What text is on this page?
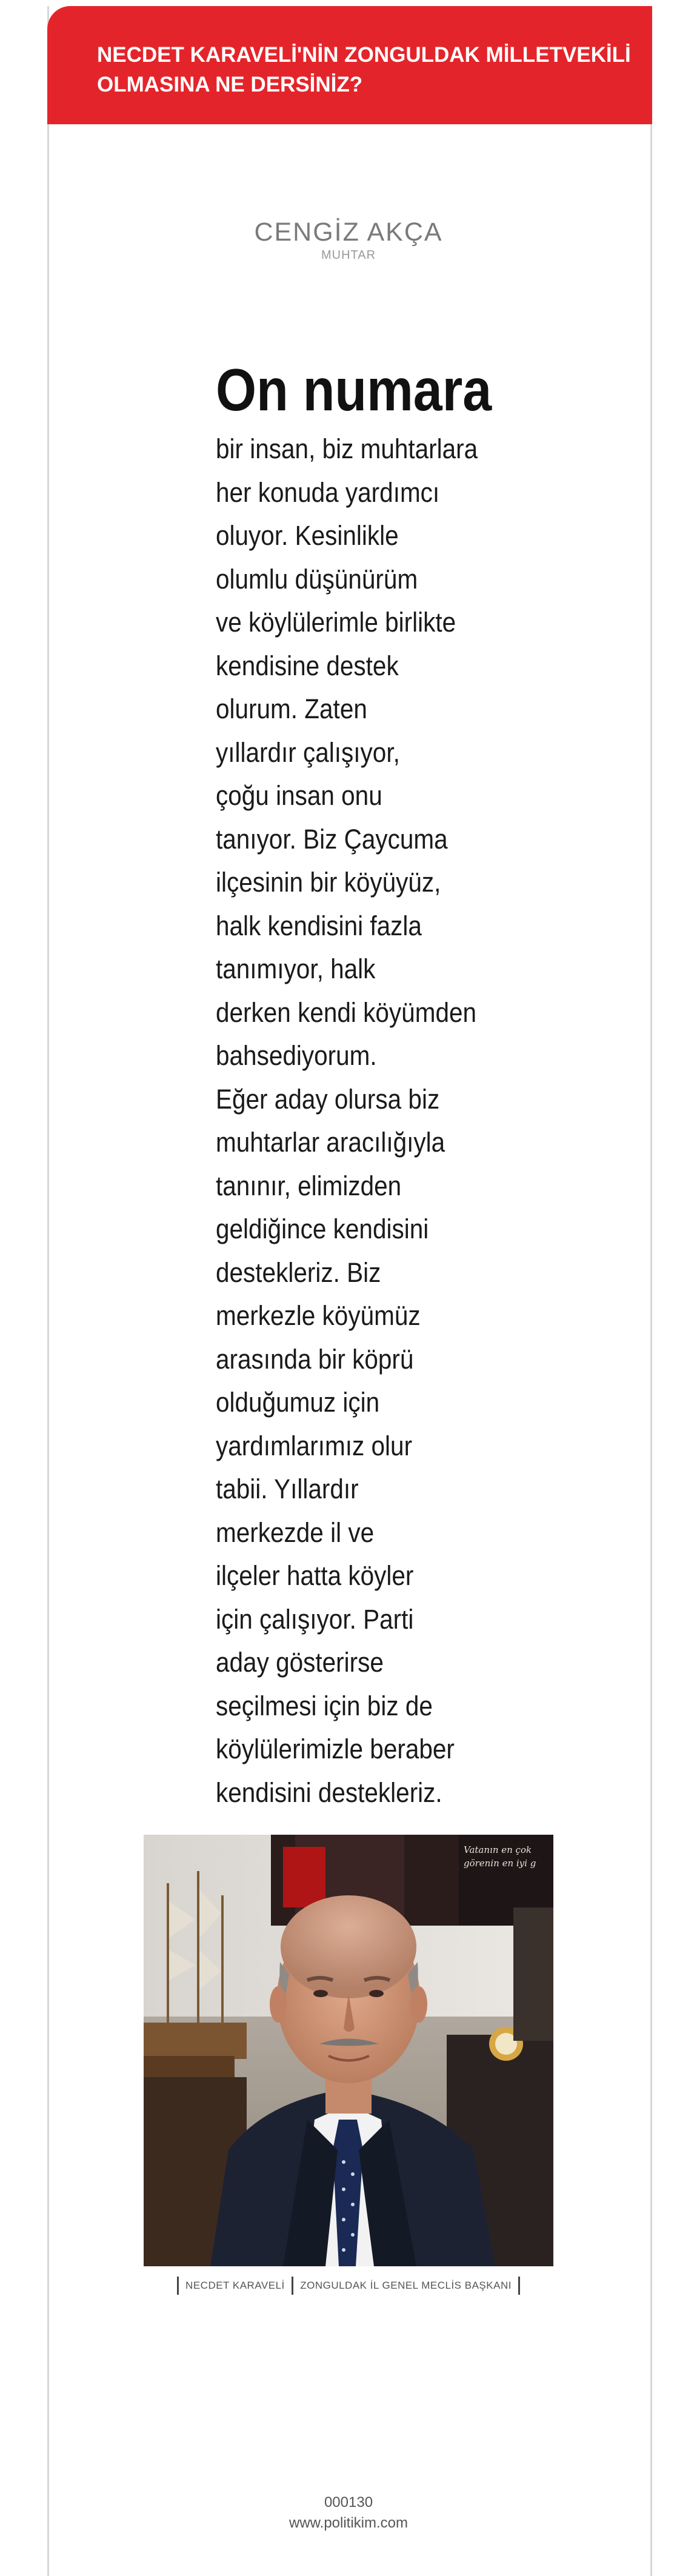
NECDET KARAVELİ'NİN ZONGULDAK MİLLETVEKİLİ
OLMASINA NE DERSİNİZ?

CENGİZ AKÇA
MUHTAR
On numara
bir insan, biz muhtarlara
her konuda yardımcı
oluyor. Kesinlikle
olumlu düşünürüm
ve köylülerimle birlikte
kendisine destek
olurum. Zaten
yıllardır çalışıyor,
çoğu insan onu
tanıyor. Biz Çaycuma
ilçesinin bir köyüyüz,
halk kendisini fazla
tanımıyor, halk
derken kendi köyümden
bahsediyorum.
Eğer aday olursa biz
muhtarlar aracılığıyla
tanınır, elimizden
geldiğince kendisini
destekleriz. Biz
merkezle köyümüz
arasında bir köprü
olduğumuz için
yardımlarımız olur
tabii. Yıllardır
merkezde il ve
ilçeler hatta köyler
için çalışıyor. Parti
aday gösterirse
seçilmesi için biz de
köylülerimizle beraber
kendisini destekleriz.
Vatanın en çok
görenin en iyi g
NECDET KARAVELİ ZONGULDAK İL GENEL MECLİS BAŞKANI
000130
www.politikim.com
